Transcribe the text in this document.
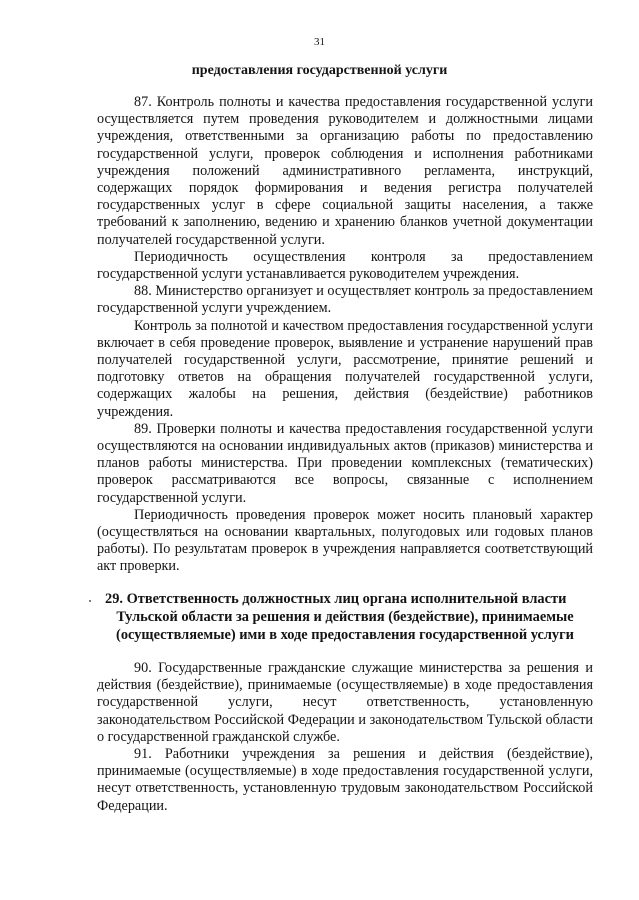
31
предоставления государственной услуги

87. Контроль полноты и качества предоставления государственной услуги осуществляется путем проведения руководителем и должностными лицами учреждения, ответственными за организацию работы по предоставлению государственной услуги, проверок соблюдения и исполнения работниками учреждения положений административного регламента, инструкций, содержащих порядок формирования и ведения регистра получателей государственных услуг в сфере социальной защиты населения, а также требований к заполнению, ведению и хранению бланков учетной документации получателей государственной услуги.

Периодичность осуществления контроля за предоставлением государственной услуги устанавливается руководителем учреждения.

88. Министерство организует и осуществляет контроль за предоставлением государственной услуги учреждением.

Контроль за полнотой и качеством предоставления государственной услуги включает в себя проведение проверок, выявление и устранение нарушений прав получателей государственной услуги, рассмотрение, принятие решений и подготовку ответов на обращения получателей государственной услуги, содержащих жалобы на решения, действия (бездействие) работников учреждения.

89. Проверки полноты и качества предоставления государственной услуги осуществляются на основании индивидуальных актов (приказов) министерства и планов работы министерства. При проведении комплексных (тематических) проверок рассматриваются все вопросы, связанные с исполнением государственной услуги.

Периодичность проведения проверок может носить плановый характер (осуществляться на основании квартальных, полугодовых или годовых планов работы). По результатам проверок в учреждения направляется соответствующий акт проверки.

29. Ответственность должностных лиц органа исполнительной власти
Тульской области за решения и действия (бездействие), принимаемые
(осуществляемые) ими в ходе предоставления государственной услуги

90. Государственные гражданские служащие министерства за решения и действия (бездействие), принимаемые (осуществляемые) в ходе предоставления государственной услуги, несут ответственность, установленную законодательством Российской Федерации и законодательством Тульской области о государственной гражданской службе.

91. Работники учреждения за решения и действия (бездействие), принимаемые (осуществляемые) в ходе предоставления государственной услуги, несут ответственность, установленную трудовым законодательством Российской Федерации.
